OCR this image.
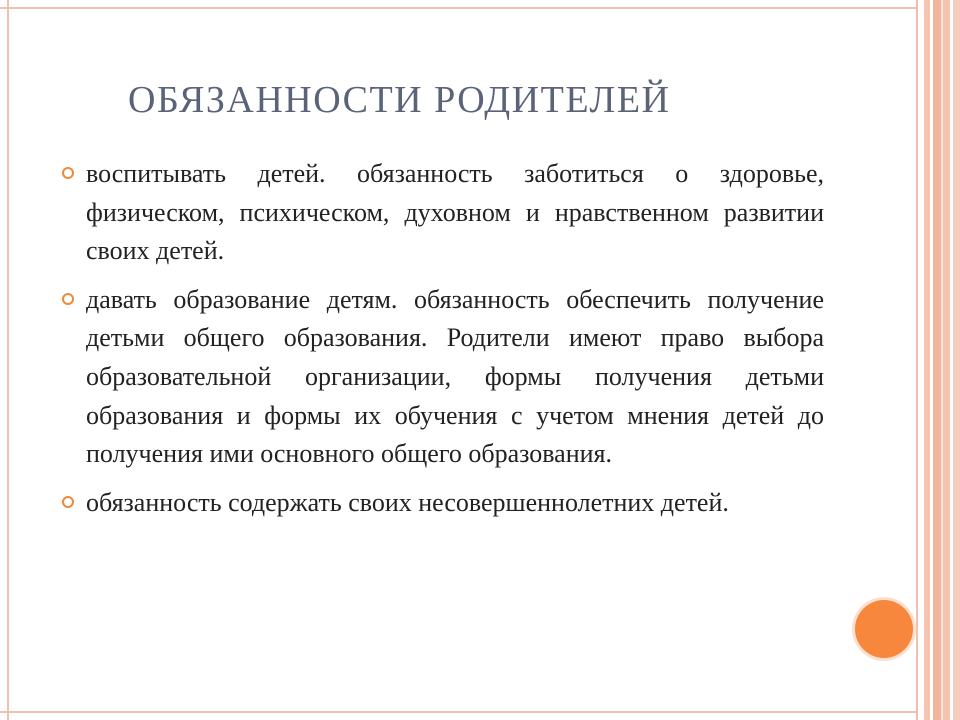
ОБЯЗАННОСТИ РОДИТЕЛЕЙ
воспитывать детей. обязанность заботиться о здоровье, физическом, психическом, духовном и нравственном развитии своих детей.
давать образование детям. обязанность обеспечить получение детьми общего образования. Родители имеют право выбора образовательной организации, формы получения детьми образования и формы их обучения с учетом мнения детей до получения ими основного общего образования.
обязанность содержать своих несовершеннолетних детей.
